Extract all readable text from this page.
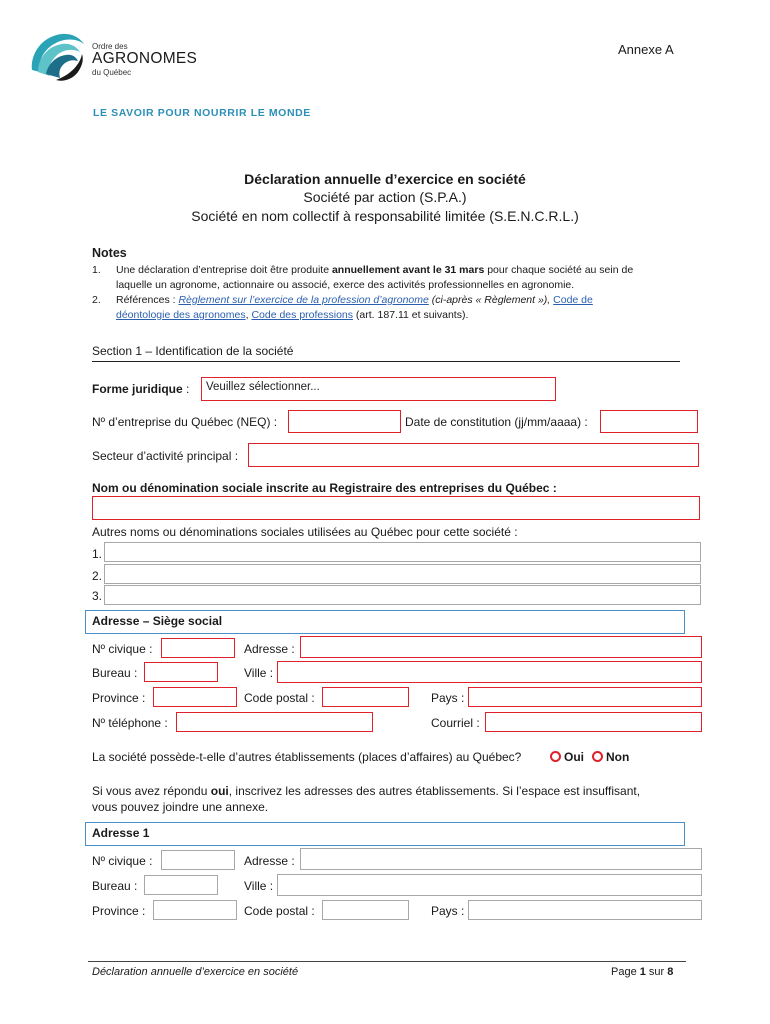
Ordre des
AGRONOMES
du Québec
LE SAVOIR POUR NOURRIR LE MONDE
Annexe A
Déclaration annuelle d’exercice en société
Société par action (S.P.A.)
Société en nom collectif à responsabilité limitée (S.E.N.C.R.L.)
Notes
1. Une déclaration d’entreprise doit être produite annuellement avant le 31 mars pour chaque société au sein de
laquelle un agronome, actionnaire ou associé, exerce des activités professionnelles en agronomie.
2. Références : Règlement sur l’exercice de la profession d’agronome (ci-après « Règlement »), Code de
déontologie des agronomes, Code des professions (art. 187.11 et suivants).
Section 1 – Identification de la société
Forme juridique :	Veuillez sélectionner...
Nº d’entreprise du Québec (NEQ) :	Date de constitution (jj/mm/aaaa) :
Secteur d’activité principal :
Nom ou dénomination sociale inscrite au Registraire des entreprises du Québec :
Autres noms ou dénominations sociales utilisées au Québec pour cette société :
1.
2.
3.
Adresse – Siège social
Nº civique :	Adresse :
Bureau :	Ville :
Province :	Code postal :	Pays :
Nº téléphone :	Courriel :
La société possède-t-elle d’autres établissements (places d’affaires) au Québec?	Oui Non
Si vous avez répondu oui, inscrivez les adresses des autres établissements. Si l’espace est insuffisant,
vous pouvez joindre une annexe.
Adresse 1
Nº civique :	Adresse :
Bureau :	Ville :
Province :	Code postal :	Pays :
Déclaration annuelle d’exercice en société	Page 1 sur 8
